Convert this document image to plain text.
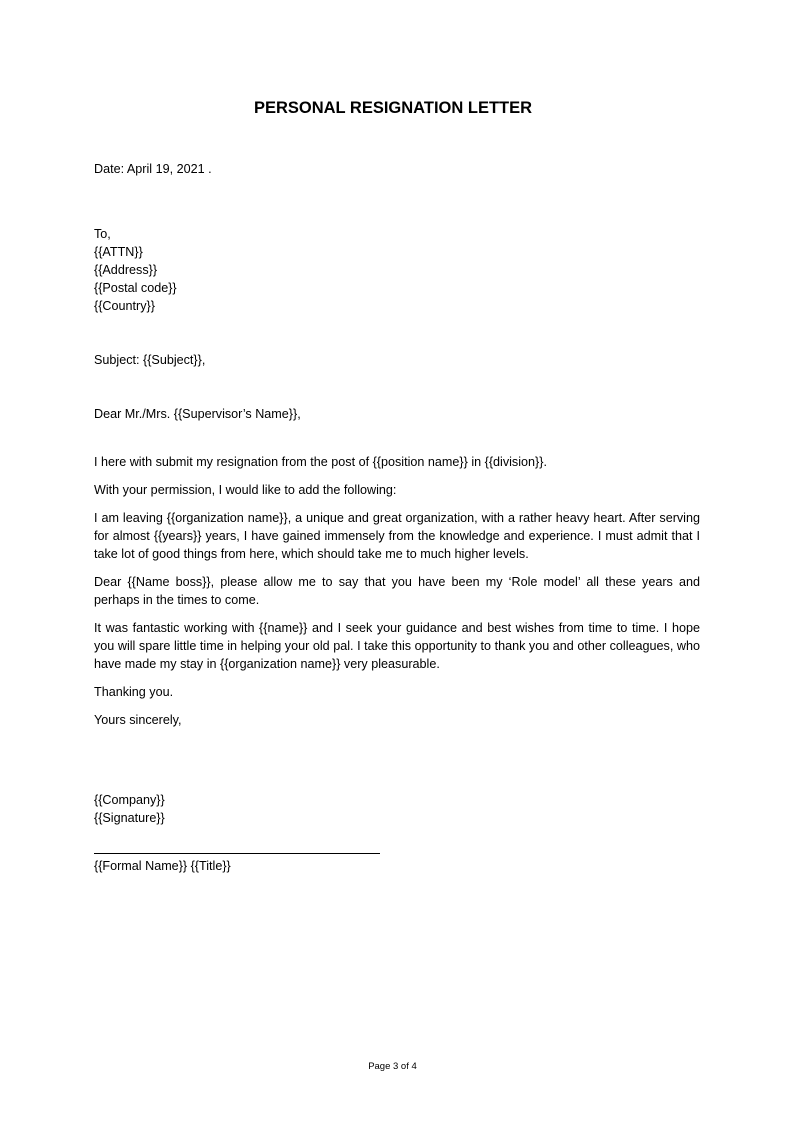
PERSONAL RESIGNATION LETTER
Date: April 19, 2021 .
To,
{{ATTN}}
{{Address}}
{{Postal code}}
{{Country}}
Subject: {{Subject}},
Dear Mr./Mrs. {{Supervisor’s Name}},

I here with submit my resignation from the post of {{position name}} in {{division}}.

With your permission, I would like to add the following:

I am leaving {{organization name}}, a unique and great organization, with a rather heavy heart. After serving for almost {{years}} years, I have gained immensely from the knowledge and experience. I must admit that I take lot of good things from here, which should take me to much higher levels.

Dear {{Name boss}}, please allow me to say that you have been my ‘Role model’ all these years and perhaps in the times to come.

It was fantastic working with {{name}} and I seek your guidance and best wishes from time to time. I hope you will spare little time in helping your old pal. I take this opportunity to thank you and other colleagues, who have made my stay in {{organization name}} very pleasurable.

Thanking you.

Yours sincerely,

{{Company}}
{{Signature}}
{{Formal Name}} {{Title}}
Page 3 of 4
